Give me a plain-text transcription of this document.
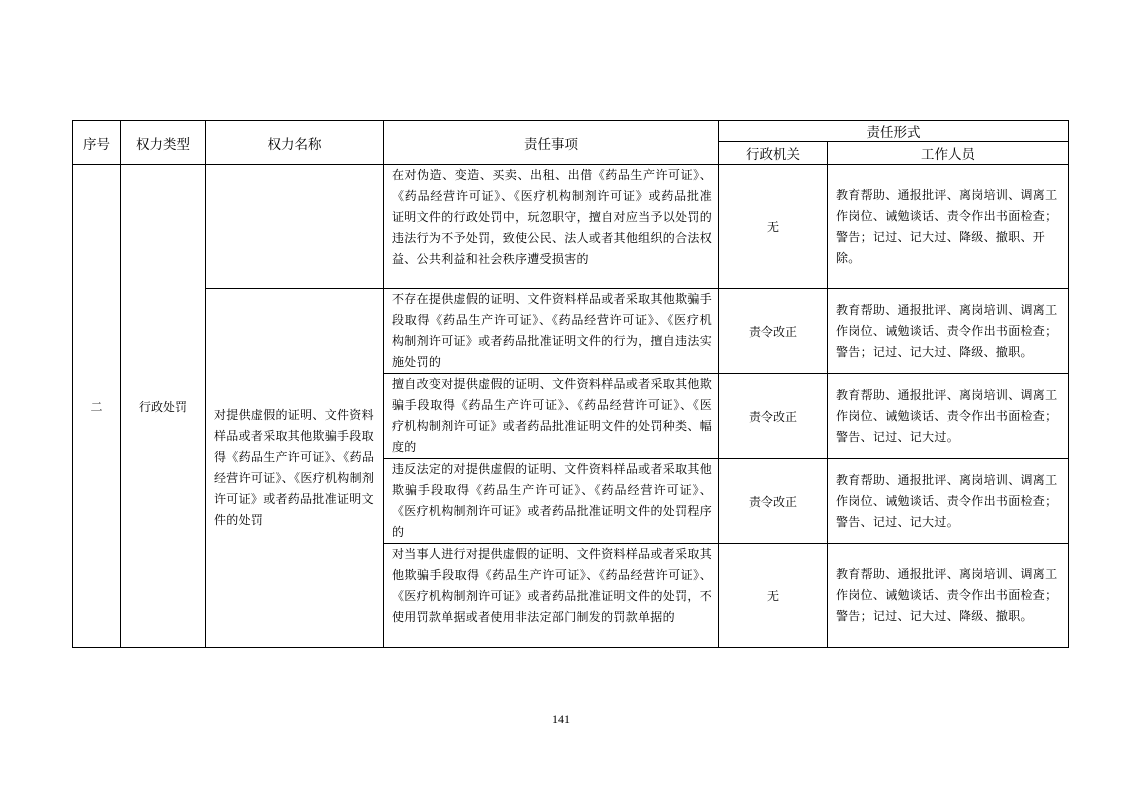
序号	权力类型	权力名称	责任事项	责任形式	
				行政机关	工作人员
二	行政处罚		在对伪造、变造、买卖、出租、出借《药品生产许可证》、《药品经营许可证》、《医疗机构制剂许可证》或药品批准证明文件的行政处罚中，玩忽职守，擅自对应当予以处罚的违法行为不予处罚，致使公民、法人或者其他组织的合法权益、公共利益和社会秩序遭受损害的	无	教育帮助、通报批评、离岗培训、调离工作岗位、诫勉谈话、责令作出书面检查；警告；记过、记大过、降级、撤职、开除。
		对提供虚假的证明、文件资料样品或者采取其他欺骗手段取得《药品生产许可证》、《药品经营许可证》、《医疗机构制剂许可证》或者药品批准证明文件的处罚	不存在提供虚假的证明、文件资料样品或者采取其他欺骗手段取得《药品生产许可证》、《药品经营许可证》、《医疗机构制剂许可证》或者药品批准证明文件的行为，擅自违法实施处罚的	责令改正	教育帮助、通报批评、离岗培训、调离工作岗位、诫勉谈话、责令作出书面检查；警告；记过、记大过、降级、撤职。
			擅自改变对提供虚假的证明、文件资料样品或者采取其他欺骗手段取得《药品生产许可证》、《药品经营许可证》、《医疗机构制剂许可证》或者药品批准证明文件的处罚种类、幅度的	责令改正	教育帮助、通报批评、离岗培训、调离工作岗位、诫勉谈话、责令作出书面检查；警告、记过、记大过。
			违反法定的对提供虚假的证明、文件资料样品或者采取其他欺骗手段取得《药品生产许可证》、《药品经营许可证》、《医疗机构制剂许可证》或者药品批准证明文件的处罚程序的	责令改正	教育帮助、通报批评、离岗培训、调离工作岗位、诫勉谈话、责令作出书面检查；警告、记过、记大过。
			对当事人进行对提供虚假的证明、文件资料样品或者采取其他欺骗手段取得《药品生产许可证》、《药品经营许可证》、《医疗机构制剂许可证》或者药品批准证明文件的处罚，不使用罚款单据或者使用非法定部门制发的罚款单据的	无	教育帮助、通报批评、离岗培训、调离工作岗位、诫勉谈话、责令作出书面检查；警告；记过、记大过、降级、撤职。
141
